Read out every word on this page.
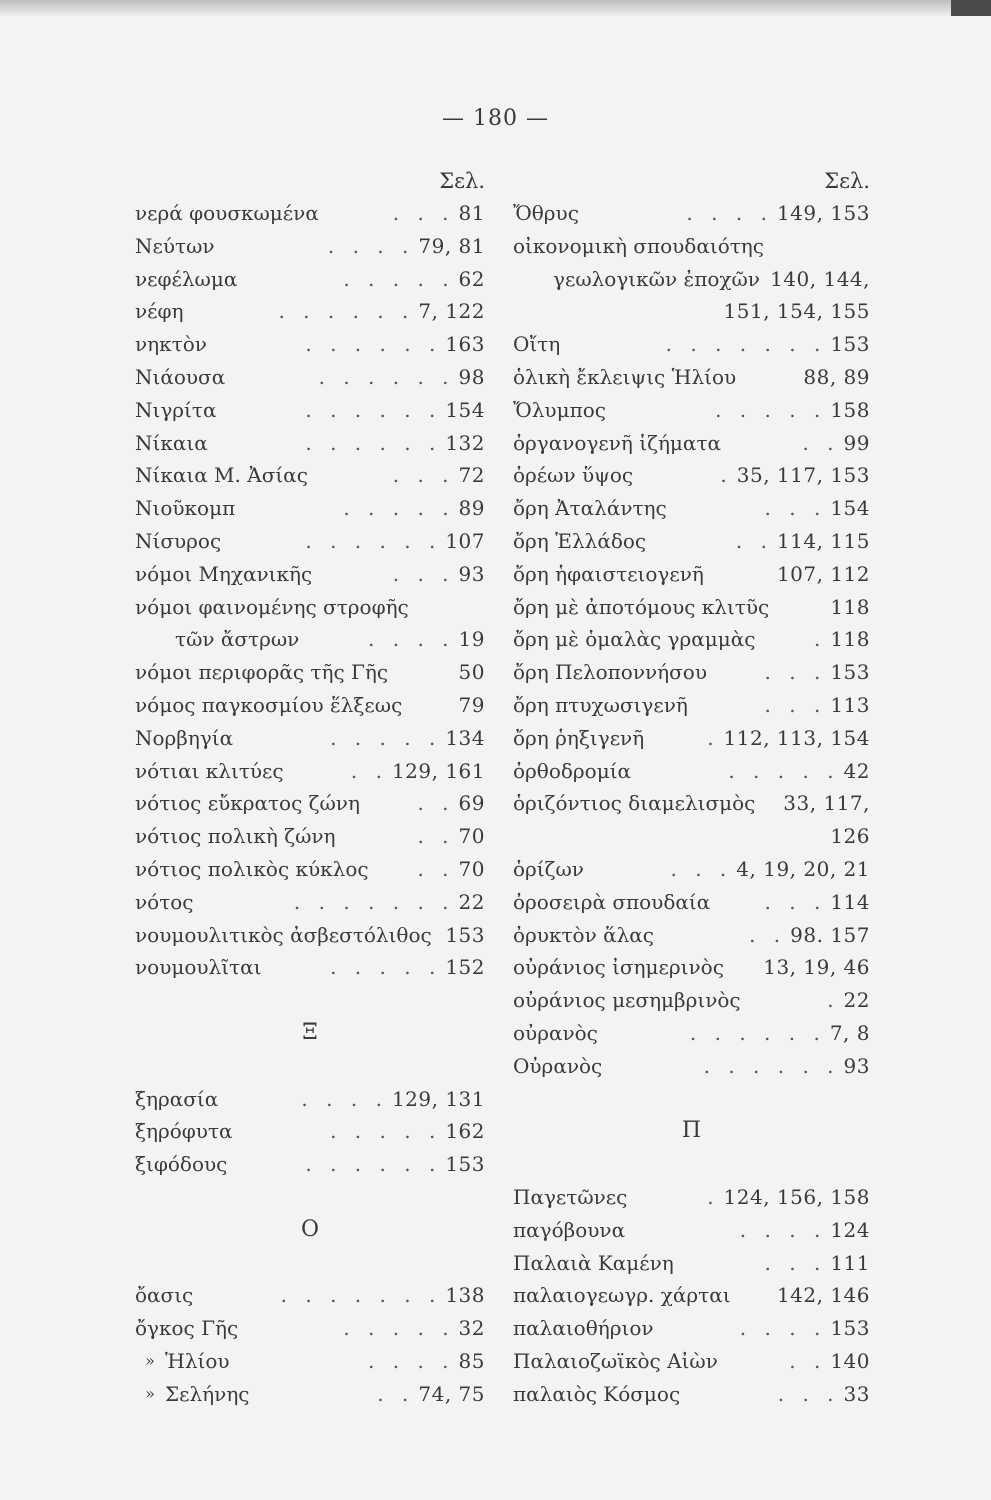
— 180 —
Σελ.
νερά φουσκωμένα	. . . 81
Νεύτων	. . . . 79, 81
νεφέλωμα	. . . . . 62
νέφη	. . . . . . 7, 122
νηκτὸν	. . . . . . 163
Νιάουσα	. . . . . . 98
Νιγρίτα	. . . . . . 154
Νίκαια	. . . . . . 132
Νίκαια Μ. Ἀσίας	. . . 72
Νιοῦκομπ	. . . . . 89
Νίσυρος	. . . . . . 107
νόμοι Μηχανικῆς	. . . 93
νόμοι φαινομένης στροφῆς
τῶν ἄστρων	. . . . 19
νόμοι περιφορᾶς τῆς Γῆς	50
νόμος παγκοσμίου ἕλξεως	79
Νορβηγία	. . . . . 134
νότιαι κλιτύες	. . 129, 161
νότιος εὔκρατος ζώνη	. . 69
νότιος πολικὴ ζώνη	. . 70
νότιος πολικὸς κύκλος	. . 70
νότος	. . . . . . . 22
νουμουλιτικὸς ἀσβεστόλιθος 153
νουμουλῖται	. . . . . 152
Ξ
ξηρασία	. . . . 129, 131
ξηρόφυτα	. . . . . 162
ξιφόδους	. . . . . . 153
Ο
ὄασις	. . . . . . . 138
ὄγκος Γῆς	. . . . . 32
» Ἡλίου	. . . . 85
» Σελήνης	. . 74, 75
Σελ.
Ὄθρυς	. . . . 149, 153
οἰκονομικὴ σπουδαιότης
γεωλογικῶν ἐποχῶν 140, 144,
151, 154, 155
Οἴτη	. . . . . . . 153
ὁλικὴ ἔκλειψις Ἡλίου	88, 89
Ὄλυμπος	. . . . . 158
ὀργανογενῆ ἱζήματα	. . 99
ὀρέων ὕψος	. 35, 117, 153
ὄρη Ἀταλάντης	. . . 154
ὄρη Ἑλλάδος	. . 114, 115
ὄρη ἡφαιστειογενῆ	107, 112
ὄρη μὲ ἀποτόμους κλιτῦς	118
ὄρη μὲ ὁμαλὰς γραμμὰς	. 118
ὄρη Πελοποννήσου	. . . 153
ὄρη πτυχωσιγενῆ	. . . 113
ὄρη ῥηξιγενῆ	. 112, 113, 154
ὀρθοδρομία	. . . . . 42
ὁριζόντιος διαμελισμὸς 33, 117,
126
ὁρίζων	. . . 4, 19, 20, 21
ὀροσειρὰ σπουδαία	. . . 114
ὀρυκτὸν ἅλας	. . 98. 157
οὐράνιος ἰσημερινὸς 13, 19, 46
οὐράνιος μεσημβρινὸς	. 22
οὐρανὸς	. . . . . . 7, 8
Οὐρανὸς	. . . . . . 93
Π
Παγετῶνες	. 124, 156, 158
παγόβουνα	. . . . 124
Παλαιὰ Καμένη	. . . 111
παλαιογεωγρ. χάρται 142, 146
παλαιοθήριον	. . . . 153
Παλαιοζωϊκὸς Αἰὼν	. . 140
παλαιὸς Κόσμος	. . . 33
